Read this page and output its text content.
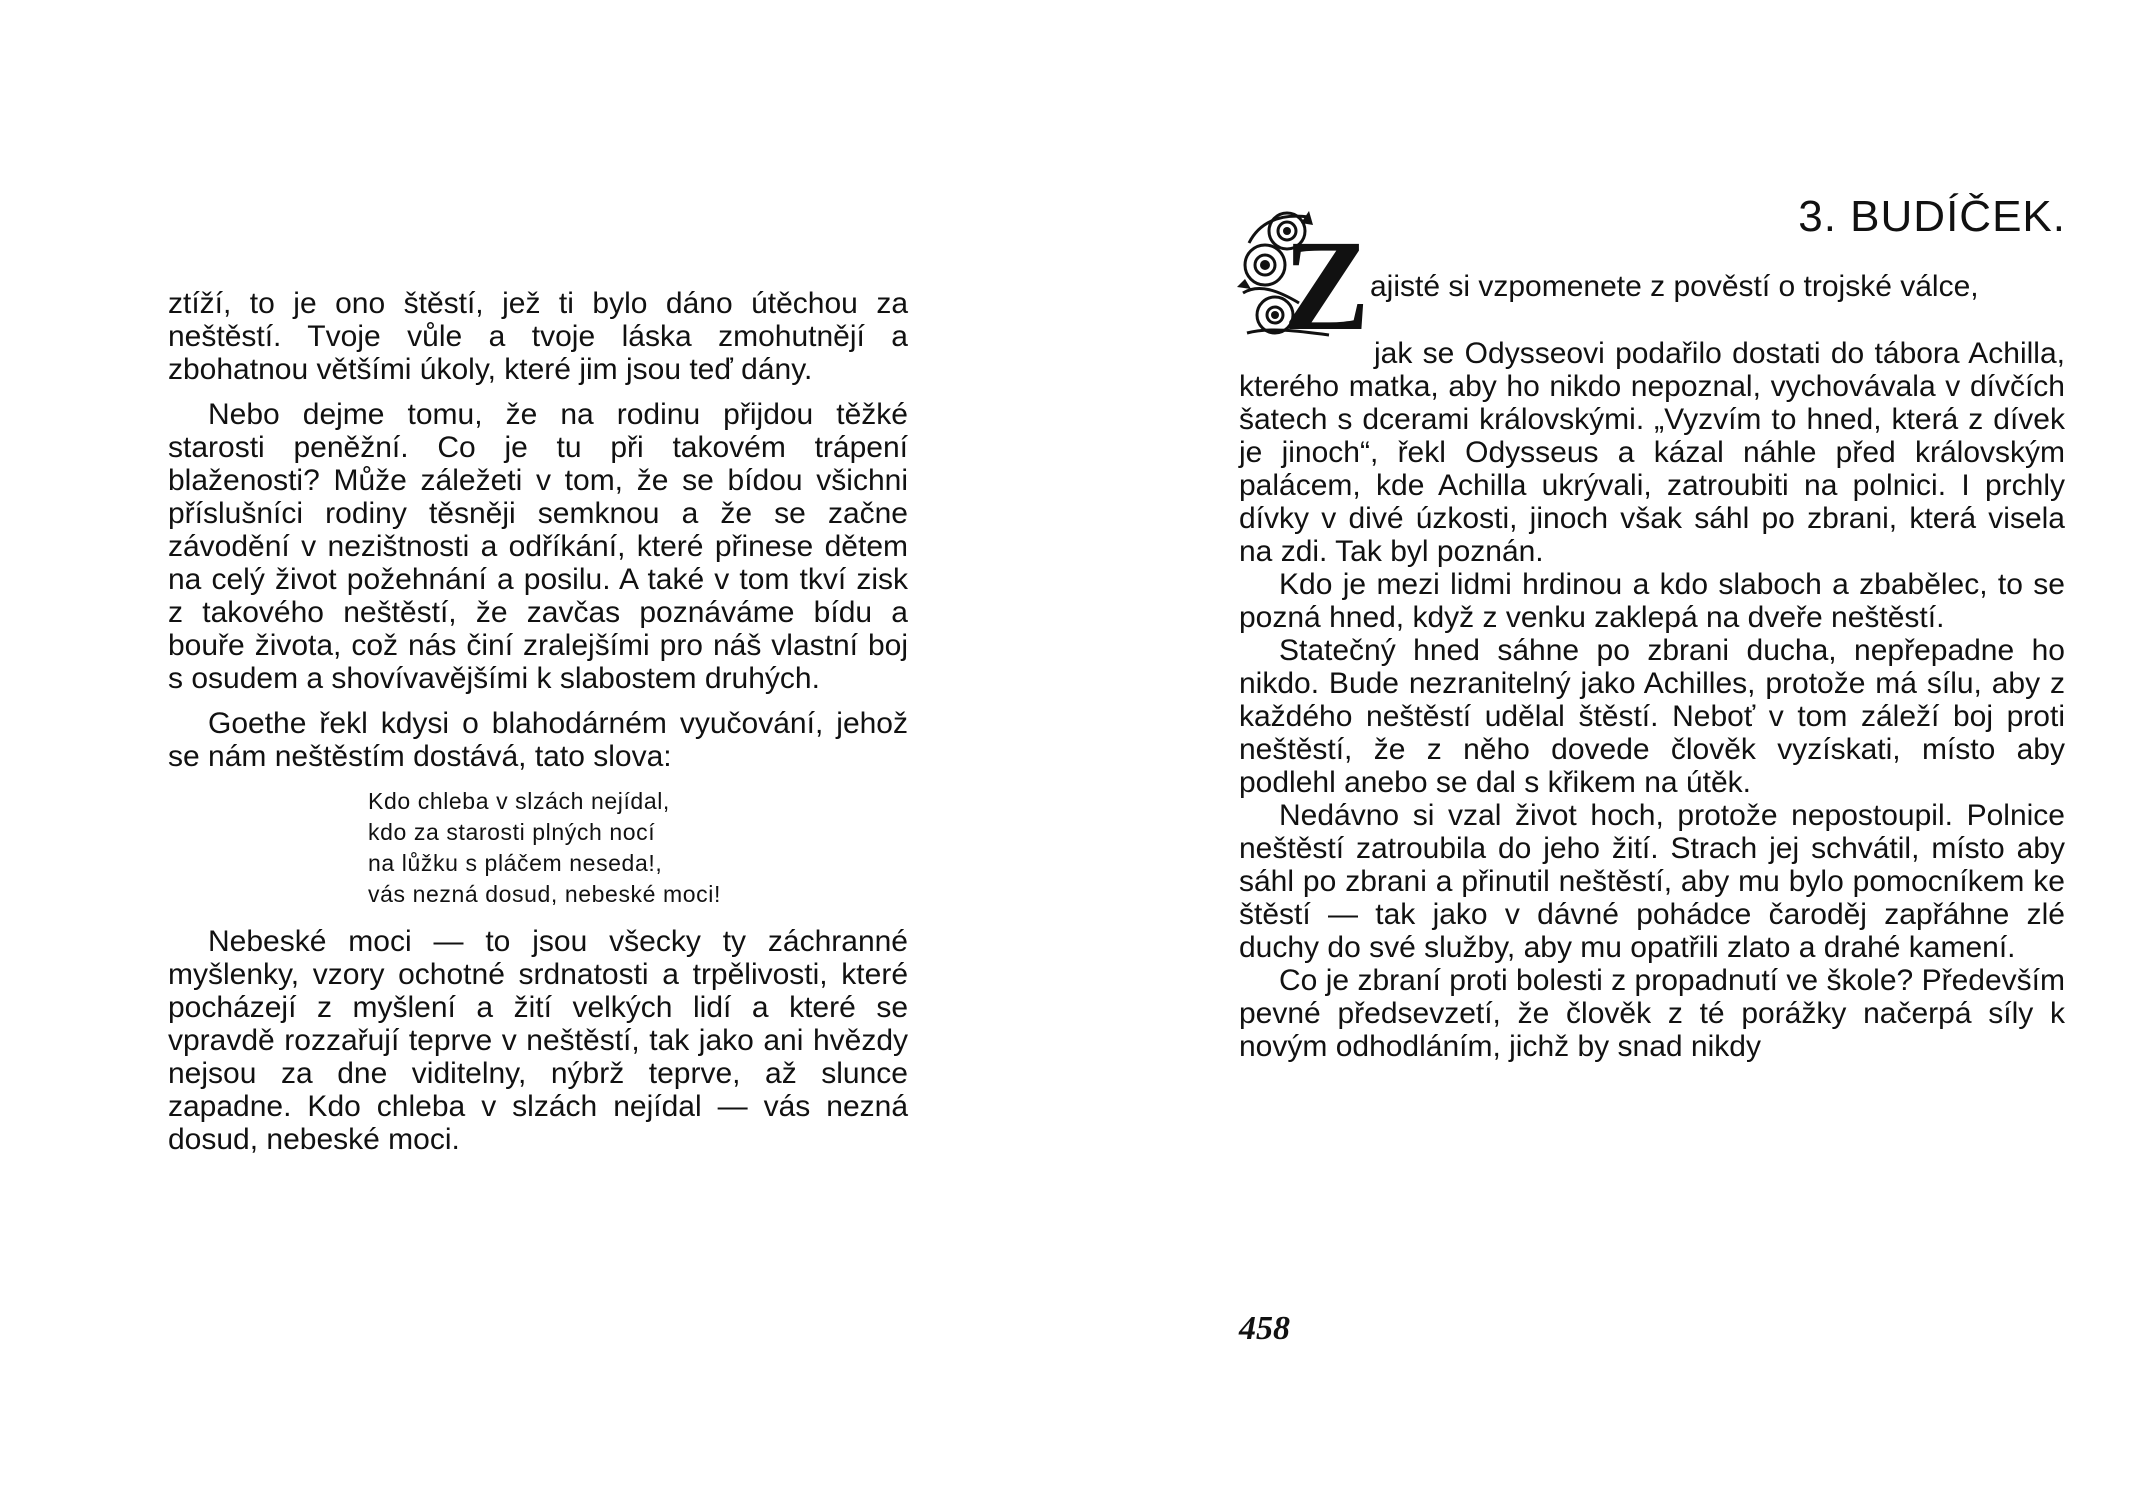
ztíží, to je ono štěstí, jež ti bylo dáno útěchou za neštěstí. Tvoje vůle a tvoje láska zmohutnějí a zbohatnou většími úkoly, které jim jsou teď dány.

Nebo dejme tomu, že na rodinu přijdou těžké starosti peněžní. Co je tu při takovém trápení blaženosti? Může záležeti v tom, že se bídou všichni příslušníci rodiny těsněji semknou a že se začne závodění v nezištnosti a odříkání, které přinese dětem na celý život požehnání a posilu. A také v tom tkví zisk z takového neštěstí, že zavčas poznáváme bídu a bouře života, což nás činí zralejšími pro náš vlastní boj s osudem a shovívavějšími k slabostem druhých.

Goethe řekl kdysi o blahodárném vyučování, jehož se nám neštěstím dostává, tato slova:

Kdo chleba v slzách nejídal,
kdo za starosti plných nocí
na lůžku s pláčem neseda!,
vás nezná dosud, nebeské moci!

Nebeské moci — to jsou všecky ty záchranné myšlenky, vzory ochotné srdnatosti a trpělivosti, které pocházejí z myšlení a žití velkých lidí a které se vpravdě rozzařují teprve v neštěstí, tak jako ani hvězdy nejsou za dne viditelny, nýbrž teprve, až slunce zapadne. Kdo chleba v slzách nejídal — vás nezná dosud, nebeské moci.

3. BUDÍČEK.
Z ajisté si vzpomenete z pověstí o trojské válce,

jak se Odysseovi podařilo dostati do tábora Achilla, kterého matka, aby ho nikdo nepoznal, vychovávala v dívčích šatech s dcerami královskými. „Vyzvím to hned, která z dívek je jinoch“, řekl Odysseus a kázal náhle před královským palácem, kde Achilla ukrývali, zatroubiti na polnici. I prchly dívky v divé úzkosti, jinoch však sáhl po zbrani, která visela na zdi. Tak byl poznán.

Kdo je mezi lidmi hrdinou a kdo slaboch a zbabělec, to se pozná hned, když z venku zaklepá na dveře neštěstí.

Statečný hned sáhne po zbrani ducha, nepřepadne ho nikdo. Bude nezranitelný jako Achilles, protože má sílu, aby z každého neštěstí udělal štěstí. Neboť v tom záleží boj proti neštěstí, že z něho dovede člověk vyzískati, místo aby podlehl anebo se dal s křikem na útěk.

Nedávno si vzal život hoch, protože nepostoupil. Polnice neštěstí zatroubila do jeho žití. Strach jej schvátil, místo aby sáhl po zbrani a přinutil neštěstí, aby mu bylo pomocníkem ke štěstí — tak jako v dávné pohádce čaroděj zapřáhne zlé duchy do své služby, aby mu opatřili zlato a drahé kamení.

Co je zbraní proti bolesti z propadnutí ve škole? Především pevné předsevzetí, že člověk z té porážky načerpá síly k novým odhodláním, jichž by snad nikdy

458
